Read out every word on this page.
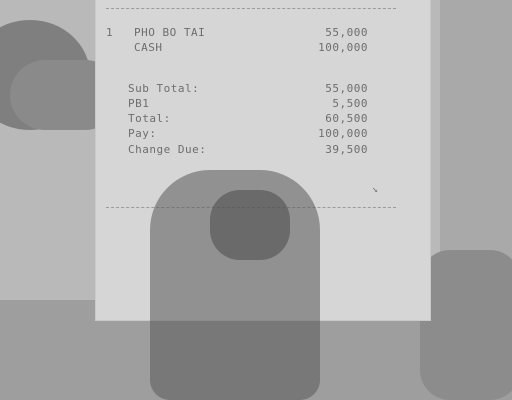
1 PHO BO TAI	55,000
CASH	100,000
Sub Total:	55,000
PB1	5,500
Total:	60,500
Pay:	100,000
Change Due:	39,500
↘
